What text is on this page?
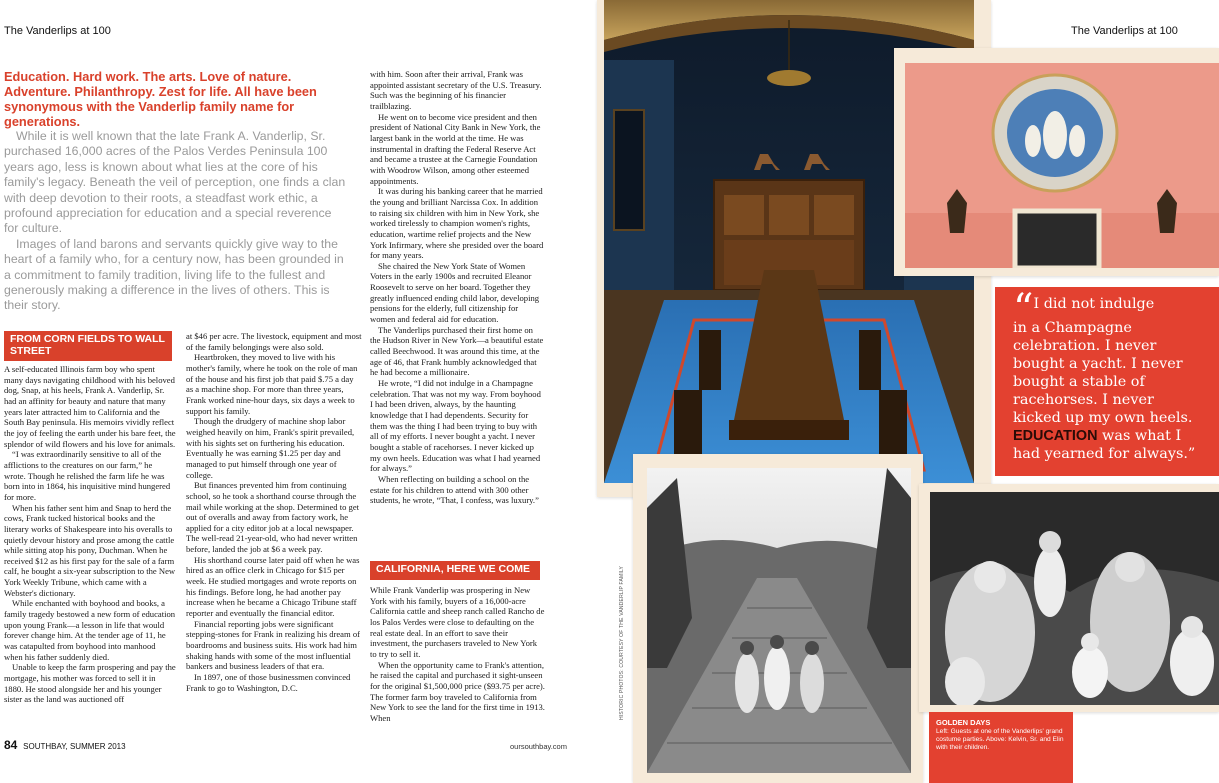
The Vanderlips at 100	The Vanderlips at 100
Education. Hard work. The arts. Love of nature. Adventure. Philanthropy. Zest for life. All have been synonymous with the Vanderlip family name for generations.
While it is well known that the late Frank A. Vanderlip, Sr. purchased 16,000 acres of the Palos Verdes Peninsula 100 years ago, less is known about what lies at the core of his family's legacy. Beneath the veil of perception, one finds a clan with deep devotion to their roots, a steadfast work ethic, a profound appreciation for education and a special reverence for culture.
Images of land barons and servants quickly give way to the heart of a family who, for a century now, has been grounded in a commitment to family tradition, living life to the fullest and generously making a difference in the lives of others. This is their story.
FROM CORN FIELDS TO WALL STREET

A self-educated Illinois farm boy who spent many days navigating childhood with his beloved dog, Snap, at his heels, Frank A. Vanderlip, Sr. had an affinity for beauty and nature that many years later attracted him to California and the South Bay peninsula. His memoirs vividly reflect the joy of feeling the earth under his bare feet, the splendor of wild flowers and his love for animals.

“I was extraordinarily sensitive to all of the afflictions to the creatures on our farm,” he wrote. Though he relished the farm life he was born into in 1864, his inquisitive mind hungered for more.

When his father sent him and Snap to herd the cows, Frank tucked historical books and the literary works of Shakespeare into his overalls to quietly devour history and prose among the cattle while sitting atop his pony, Duchman. When he received $12 as his first pay for the sale of a farm calf, he bought a six-year subscription to the New York Weekly Tribune, which came with a Webster's dictionary.

While enchanted with boyhood and books, a family tragedy bestowed a new form of education upon young Frank—a lesson in life that would forever change him. At the tender age of 11, he was catapulted from boyhood into manhood when his father suddenly died.

Unable to keep the farm prospering and pay the mortgage, his mother was forced to sell it in 1880. He stood alongside her and his younger sister as the land was auctioned off

at $46 per acre. The livestock, equipment and most of the family belongings were also sold.

Heartbroken, they moved to live with his mother's family, where he took on the role of man of the house and his first job that paid $.75 a day as a machine shop. For more than three years, Frank worked nine-hour days, six days a week to support his family.

Though the drudgery of machine shop labor weighed heavily on him, Frank's spirit prevailed, with his sights set on furthering his education. Eventually he was earning $1.25 per day and managed to put himself through one year of college.

But finances prevented him from continuing school, so he took a shorthand course through the mail while working at the shop. Determined to get out of overalls and away from factory work, he applied for a city editor job at a local newspaper. The well-read 21-year-old, who had never written before, landed the job at $6 a week pay.

His shorthand course later paid off when he was hired as an office clerk in Chicago for $15 per week. He studied mortgages and wrote reports on his findings. Before long, he had another pay increase when he became a Chicago Tribune staff reporter and eventually the financial editor.

Financial reporting jobs were significant stepping-stones for Frank in realizing his dream of boardrooms and business suits. His work had him shaking hands with some of the most influential bankers and business leaders of that era.

In 1897, one of those businessmen convinced Frank to go to Washington, D.C.

with him. Soon after their arrival, Frank was appointed assistant secretary of the U.S. Treasury. Such was the beginning of his financier trailblazing.

He went on to become vice president and then president of National City Bank in New York, the largest bank in the world at the time. He was instrumental in drafting the Federal Reserve Act and became a trustee at the Carnegie Foundation with Woodrow Wilson, among other esteemed appointments.

It was during his banking career that he married the young and brilliant Narcissa Cox. In addition to raising six children with him in New York, she worked tirelessly to champion women's rights, education, wartime relief projects and the New York Infirmary, where she presided over the board for many years.

She chaired the New York State of Women Voters in the early 1900s and recruited Eleanor Roosevelt to serve on her board. Together they greatly influenced ending child labor, developing pensions for the elderly, full citizenship for women and federal aid for education.

The Vanderlips purchased their first home on the Hudson River in New York—a beautiful estate called Beechwood. It was around this time, at the age of 46, that Frank humbly acknowledged that he had become a millionaire.

He wrote, “I did not indulge in a Champagne celebration. That was not my way. From boyhood I had been driven, always, by the haunting knowledge that I had dependents. Security for them was the thing I had been trying to buy with all of my efforts. I never bought a yacht. I never bought a stable of racehorses. I never kicked up my own heels. Education was what I had yearned for always.”

When reflecting on building a school on the estate for his children to attend with 300 other students, he wrote, “That, I confess, was luxury.”

CALIFORNIA, HERE WE COME

While Frank Vanderlip was prospering in New York with his family, buyers of a 16,000-acre California cattle and sheep ranch called Rancho de los Palos Verdes were close to defaulting on the real estate deal. In an effort to save their investment, the purchasers traveled to New York to try to sell it.

When the opportunity came to Frank's attention, he raised the capital and purchased it sight-unseen for the original $1,500,000 price ($93.75 per acre). The former farm boy traveled to California from New York to see the land for the first time in 1913. When

84 SOUTHBAY, SUMMER 2013	oursouthbay.com
HISTORIC PHOTOS: COURTESY OF THE VANDERLIP FAMILY
“I did not indulge
in a Champagne
celebration. I never
bought a yacht. I never
bought a stable of
racehorses. I never
kicked up my own heels.
EDUCATION was what I
had yearned for always.”
GOLDEN DAYS
Left: Guests at one of the Vanderlips' grand costume parties. Above: Kelvin, Sr. and Elin with their children.
